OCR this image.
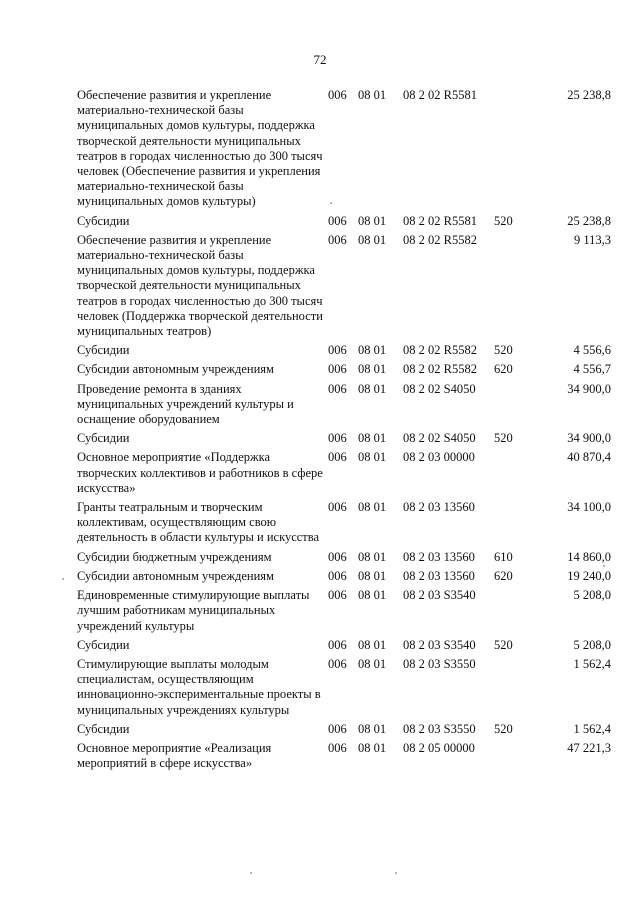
72
Обеспечение развития и укрепление материально-технической базы муниципальных домов культуры, поддержка творческой деятельности муниципальных театров в городах численностью до 300 тысяч человек (Обеспечение развития и укрепления материально-технической базы муниципальных домов культуры)	006	08 01	08 2 02 R5581		25 238,8
Субсидии	006	08 01	08 2 02 R5581	520	25 238,8
Обеспечение развития и укрепление материально-технической базы муниципальных домов культуры, поддержка творческой деятельности муниципальных театров в городах численностью до 300 тысяч человек (Поддержка творческой деятельности муниципальных театров)	006	08 01	08 2 02 R5582		9 113,3
Субсидии	006	08 01	08 2 02 R5582	520	4 556,6
Субсидии автономным учреждениям	006	08 01	08 2 02 R5582	620	4 556,7
Проведение ремонта в зданиях муниципальных учреждений культуры и оснащение оборудованием	006	08 01	08 2 02 S4050		34 900,0
Субсидии	006	08 01	08 2 02 S4050	520	34 900,0
Основное мероприятие «Поддержка творческих коллективов и работников в сфере искусства»	006	08 01	08 2 03 00000		40 870,4
Гранты театральным и творческим коллективам, осуществляющим свою деятельность в области культуры и искусства	006	08 01	08 2 03 13560		34 100,0
Субсидии бюджетным учреждениям	006	08 01	08 2 03 13560	610	14 860,0
Субсидии автономным учреждениям	006	08 01	08 2 03 13560	620	19 240,0
Единовременные стимулирующие выплаты лучшим работникам муниципальных учреждений культуры	006	08 01	08 2 03 S3540		5 208,0
Субсидии	006	08 01	08 2 03 S3540	520	5 208,0
Стимулирующие выплаты молодым специалистам, осуществляющим инновационно-экспериментальные проекты в муниципальных учреждениях культуры	006	08 01	08 2 03 S3550		1 562,4
Субсидии	006	08 01	08 2 03 S3550	520	1 562,4
Основное мероприятие «Реализация мероприятий в сфере искусства»	006	08 01	08 2 05 00000		47 221,3
